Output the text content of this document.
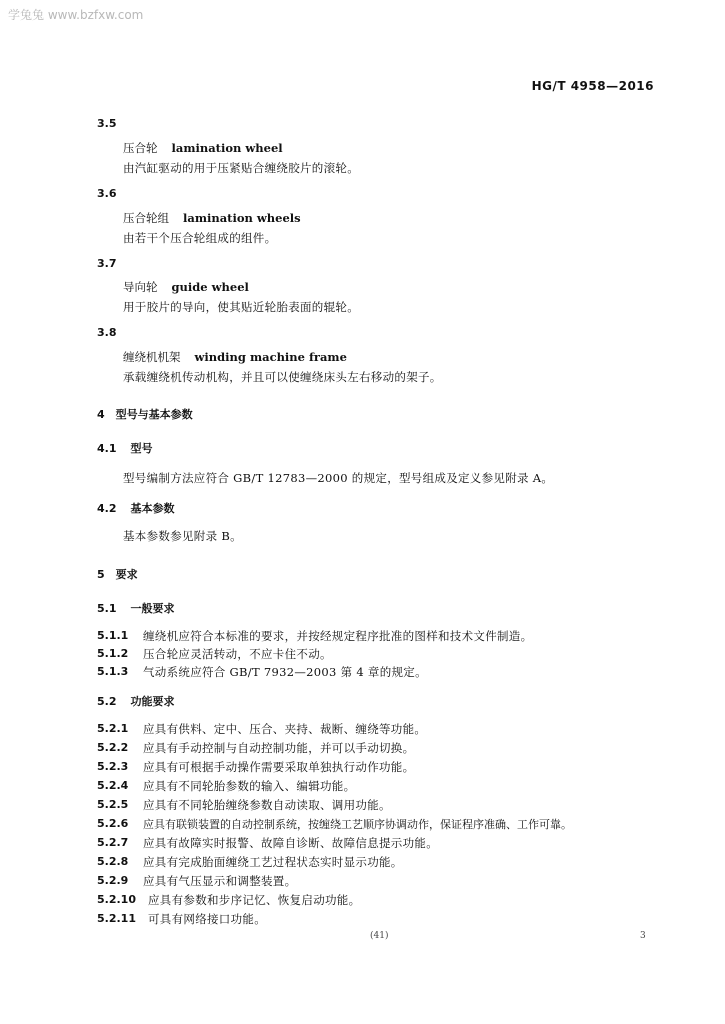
学兔兔 www.bzfxw.com
HG/T 4958—2016
3.5
压合轮 lamination wheel
由汽缸驱动的用于压紧贴合缠绕胶片的滚轮。
3.6
压合轮组 lamination wheels
由若干个压合轮组成的组件。
3.7
导向轮 guide wheel
用于胶片的导向，使其贴近轮胎表面的辊轮。
3.8
缠绕机机架 winding machine frame
承载缠绕机传动机构，并且可以使缠绕床头左右移动的架子。
4　型号与基本参数
4.1 型号
型号编制方法应符合 GB/T 12783—2000 的规定，型号组成及定义参见附录 A。
4.2 基本参数
基本参数参见附录 B。
5　要求
5.1 一般要求
5.1.1 缠绕机应符合本标准的要求，并按经规定程序批准的图样和技术文件制造。
5.1.2 压合轮应灵活转动，不应卡住不动。
5.1.3 气动系统应符合 GB/T 7932—2003 第 4 章的规定。
5.2 功能要求
5.2.1 应具有供料、定中、压合、夹持、裁断、缠绕等功能。
5.2.2 应具有手动控制与自动控制功能，并可以手动切换。
5.2.3 应具有可根据手动操作需要采取单独执行动作功能。
5.2.4 应具有不同轮胎参数的输入、编辑功能。
5.2.5 应具有不同轮胎缠绕参数自动读取、调用功能。
5.2.6 应具有联锁装置的自动控制系统，按缠绕工艺顺序协调动作，保证程序准确、工作可靠。
5.2.7 应具有故障实时报警、故障自诊断、故障信息提示功能。
5.2.8 应具有完成胎面缠绕工艺过程状态实时显示功能。
5.2.9 应具有气压显示和调整装置。
5.2.10 应具有参数和步序记忆、恢复启动功能。
5.2.11 可具有网络接口功能。
(41)	3
